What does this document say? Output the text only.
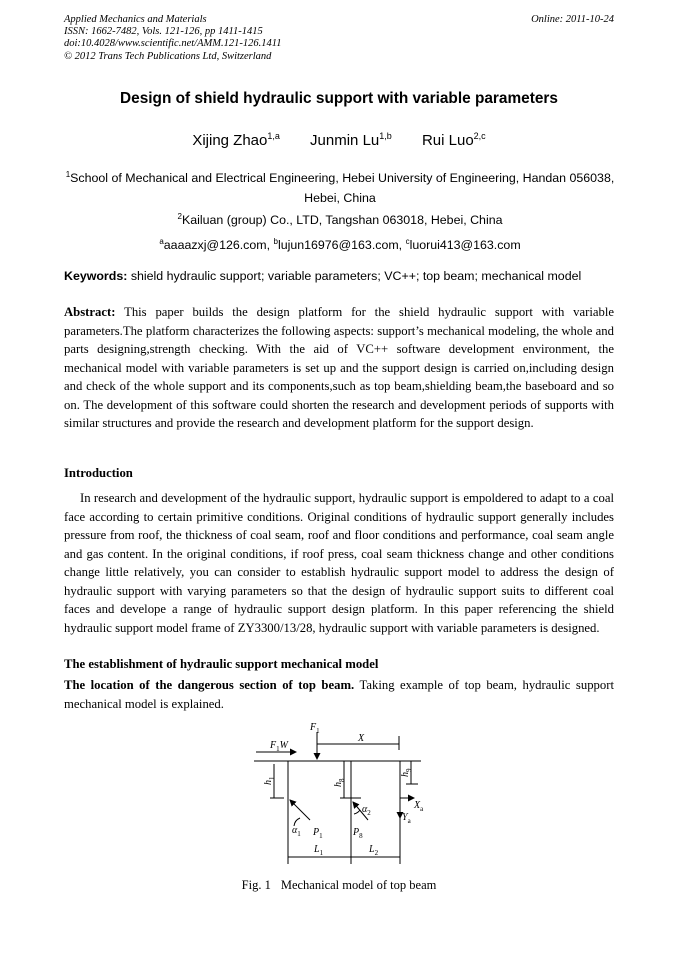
Applied Mechanics and Materials
ISSN: 1662-7482, Vols. 121-126, pp 1411-1415
doi:10.4028/www.scientific.net/AMM.121-126.1411
© 2012 Trans Tech Publications Ltd, Switzerland
Online: 2011-10-24
Design of shield hydraulic support with variable parameters
Xijing Zhao$^{1,a}$ Junmin Lu$^{1,b}$ Rui Luo$^{2,c}$
$^1$School of Mechanical and Electrical Engineering, Hebei University of Engineering, Handan 056038, Hebei, China
$^2$Kailuan (group) Co., LTD, Tangshan 063018, Hebei, China
$^a$aaaazxj@126.com, $^b$lujun16976@163.com, $^c$luorui413@163.com
Keywords: shield hydraulic support; variable parameters; VC++; top beam; mechanical model
Abstract: This paper builds the design platform for the shield hydraulic support with variable parameters.The platform characterizes the following aspects: support’s mechanical modeling, the whole and parts designing,strength checking. With the aid of VC++ software development environment, the mechanical model with variable parameters is set up and the support design is carried on,including design and check of the whole support and its components,such as top beam,shielding beam,the baseboard and so on. The development of this software could shorten the research and development periods of supports with similar structures and provide the research and development platform for the support design.
Introduction
In research and development of the hydraulic support, hydraulic support is empoldered to adapt to a coal face according to certain primitive conditions. Original conditions of hydraulic support generally includes pressure from roof, the thickness of coal seam, roof and floor conditions and performance, coal seam angle and gas content. In the original conditions, if roof press, coal seam thickness change and other conditions change little relatively, you can consider to establish hydraulic support model to address the design of hydraulic support with varying parameters so that the design of hydraulic support suits to different coal faces and develope a range of hydraulic support design platform. In this paper referencing the shield hydraulic support model frame of ZY3300/13/28, hydraulic support with variable parameters is designed.
The establishment of hydraulic support mechanical model
The location of the dangerous section of top beam. Taking example of top beam, hydraulic support mechanical model is explained.
$F_1$
X
$F_1W$
$h_1$
$h_8$
$h_9$
$X_a$
$Y_a$
$\alpha_2$
$\alpha_1$ $P_1$	$P_8$
$L_1$	$L_2$
Fig. 1 Mechanical model of top beam
